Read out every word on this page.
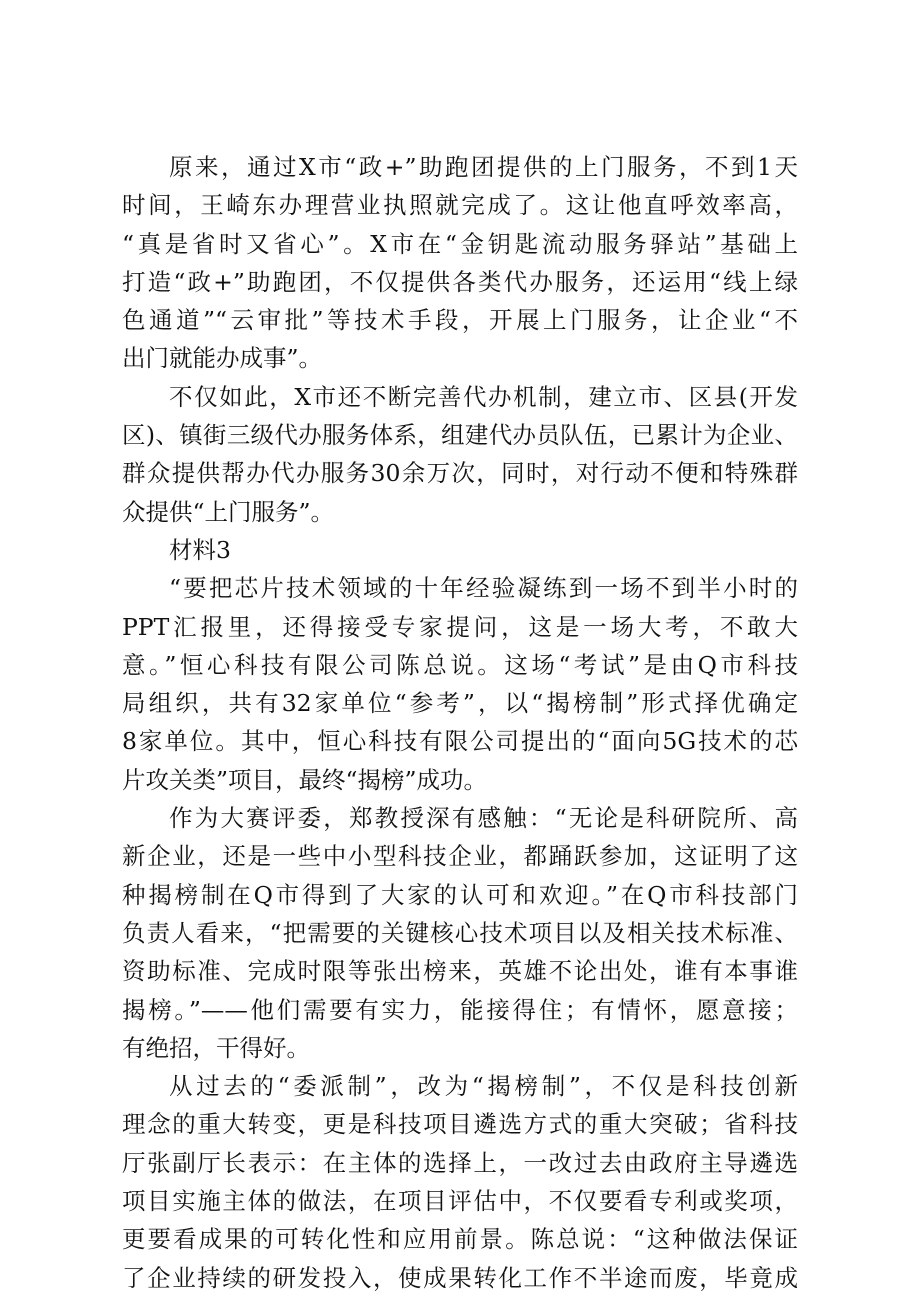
原来，通过X市“政+”助跑团提供的上门服务，不到1天
时间，王崎东办理营业执照就完成了。这让他直呼效率高，
“真是省时又省心”。X市在“金钥匙流动服务驿站”基础上
打造“政+”助跑团，不仅提供各类代办服务，还运用“线上绿
色通道”“云审批”等技术手段，开展上门服务，让企业“不
出门就能办成事”。
不仅如此，X市还不断完善代办机制，建立市、区县(开发
区)、镇街三级代办服务体系，组建代办员队伍，已累计为企业、
群众提供帮办代办服务30余万次，同时，对行动不便和特殊群
众提供“上门服务”。
材料3
“要把芯片技术领域的十年经验凝练到一场不到半小时的
PPT汇报里，还得接受专家提问，这是一场大考，不敢大
意。”恒心科技有限公司陈总说。这场“考试”是由Q市科技
局组织，共有32家单位“参考”，以“揭榜制”形式择优确定
8家单位。其中，恒心科技有限公司提出的“面向5G技术的芯
片攻关类”项目，最终“揭榜”成功。
作为大赛评委，郑教授深有感触：“无论是科研院所、高
新企业，还是一些中小型科技企业，都踊跃参加，这证明了这
种揭榜制在Q市得到了大家的认可和欢迎。”在Q市科技部门
负责人看来，“把需要的关键核心技术项目以及相关技术标准、
资助标准、完成时限等张出榜来，英雄不论出处，谁有本事谁
揭榜。”——他们需要有实力，能接得住；有情怀，愿意接；
有绝招，干得好。
从过去的“委派制”，改为“揭榜制”，不仅是科技创新
理念的重大转变，更是科技项目遴选方式的重大突破；省科技
厅张副厅长表示：在主体的选择上，一改过去由政府主导遴选
项目实施主体的做法，在项目评估中，不仅要看专利或奖项，
更要看成果的可转化性和应用前景。陈总说：“这种做法保证
了企业持续的研发投入，使成果转化工作不半途而废，毕竟成
